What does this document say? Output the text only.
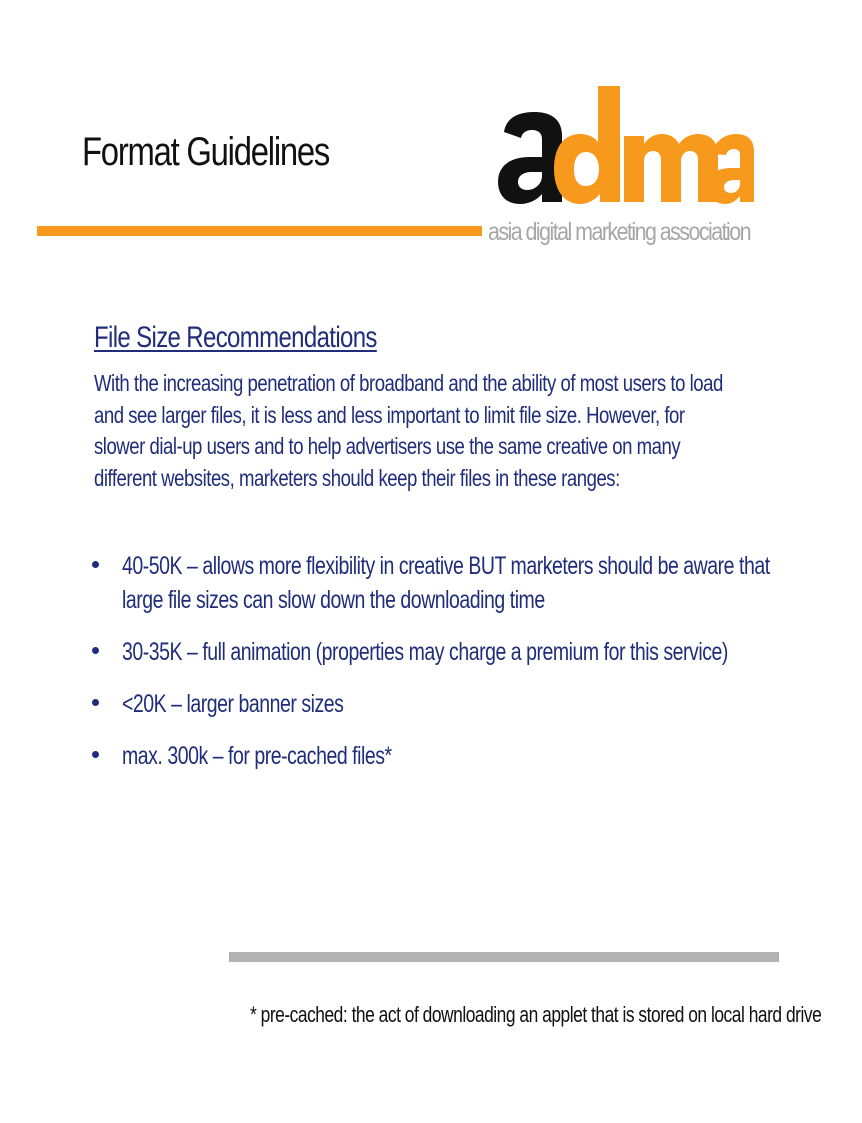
Format Guidelines
asia digital marketing association
File Size Recommendations

With the increasing penetration of broadband and the ability of most users to load
and see larger files, it is less and less important to limit file size. However, for
slower dial-up users and to help advertisers use the same creative on many
different websites, marketers should keep their files in these ranges:

40-50K – allows more flexibility in creative BUT marketers should be aware that
large file sizes can slow down the downloading time
30-35K – full animation (properties may charge a premium for this service)
<20K – larger banner sizes
max. 300k – for pre-cached files*

* pre-cached: the act of downloading an applet that is stored on local hard drive
